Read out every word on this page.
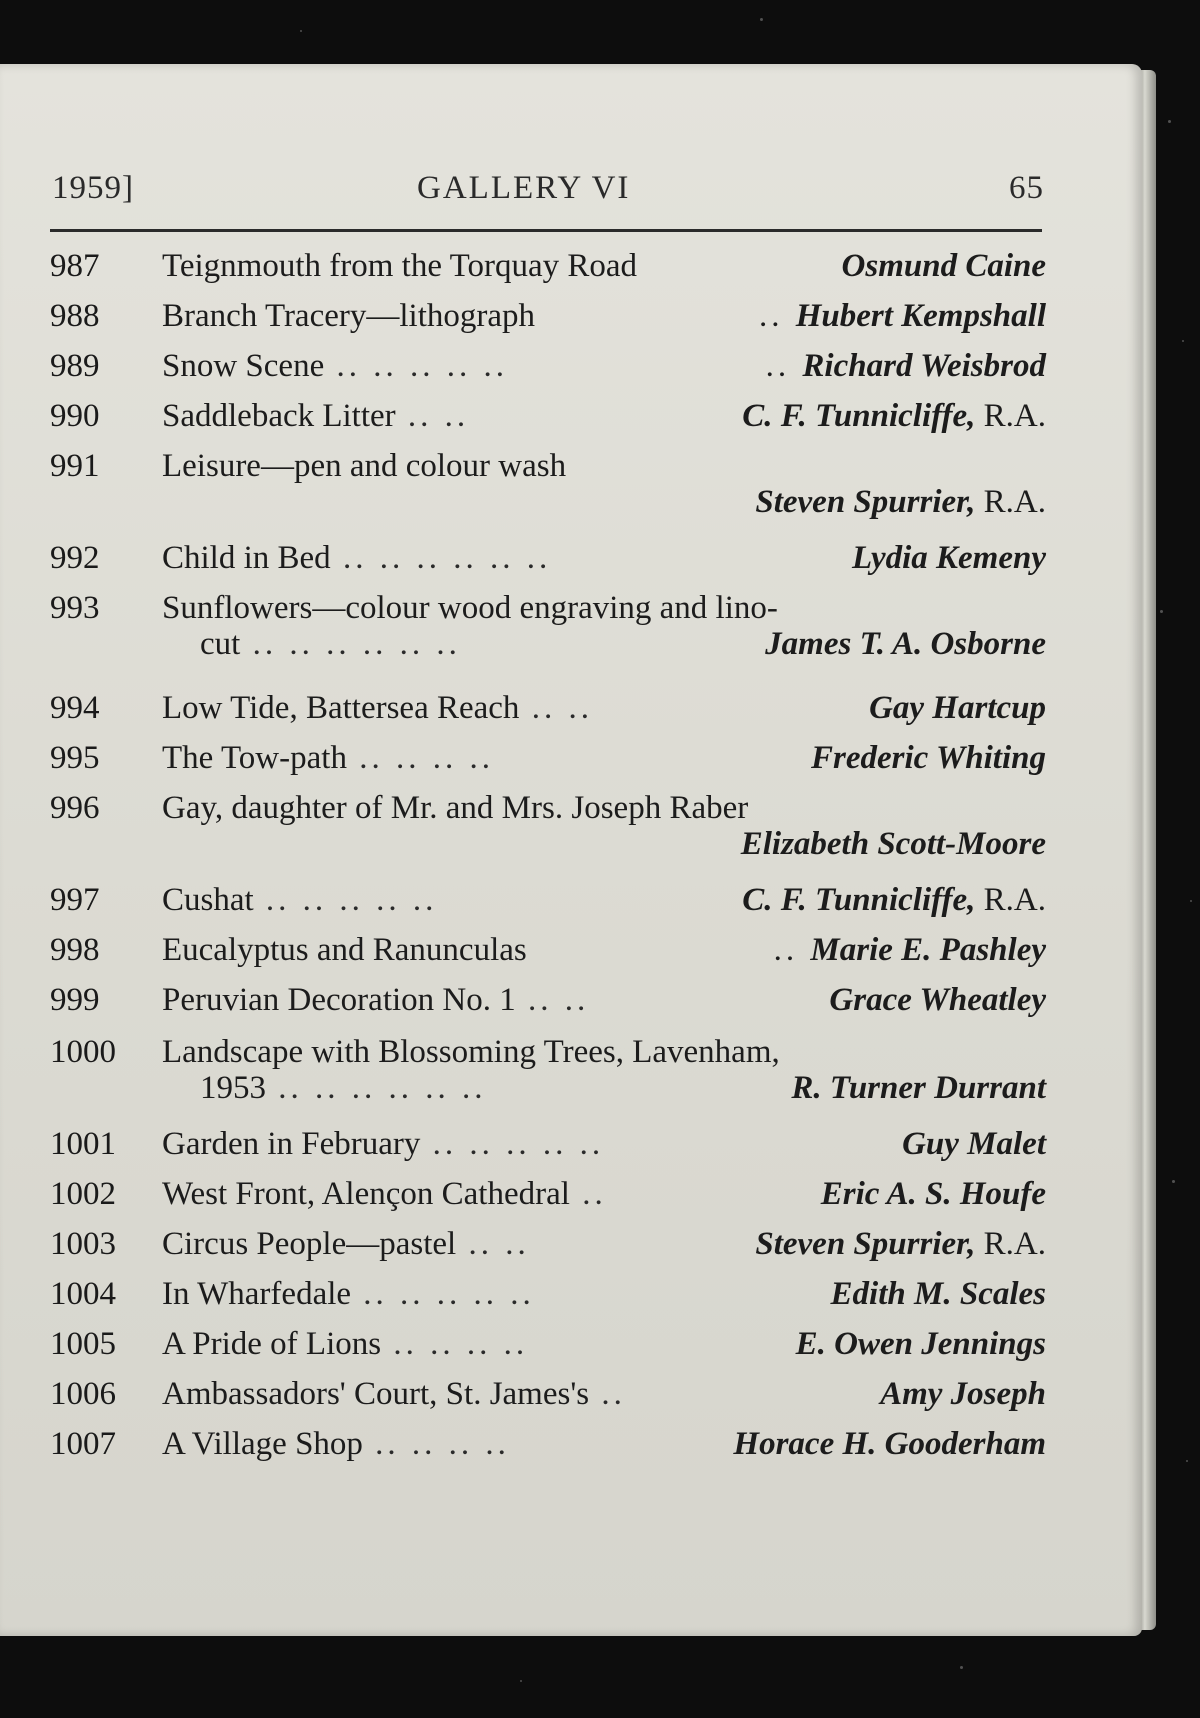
1959]	GALLERY VI	65
987	Teignmouth from the Torquay Road	Osmund Caine
988	Branch Tracery—lithograph	.. Hubert Kempshall
989	Snow Scene .. .. .. .. ..	.. Richard Weisbrod
990	Saddleback Litter .. ..	C. F. Tunnicliffe, R.A.
991	Leisure—pen and colour wash
Steven Spurrier, R.A.
992	Child in Bed .. .. .. .. .. ..	Lydia Kemeny
993	Sunflowers—colour wood engraving and lino-
cut .. .. .. .. .. ..	James T. A. Osborne
994	Low Tide, Battersea Reach .. ..	Gay Hartcup
995	The Tow-path .. .. .. ..	Frederic Whiting
996	Gay, daughter of Mr. and Mrs. Joseph Raber
Elizabeth Scott-Moore
997	Cushat .. .. .. .. ..	C. F. Tunnicliffe, R.A.
998	Eucalyptus and Ranunculas	.. Marie E. Pashley
999	Peruvian Decoration No. 1 .. ..	Grace Wheatley
1000	Landscape with Blossoming Trees, Lavenham,
1953 .. .. .. .. .. ..	R. Turner Durrant
1001	Garden in February .. .. .. .. ..	Guy Malet
1002	West Front, Alençon Cathedral ..	Eric A. S. Houfe
1003	Circus People—pastel .. ..	Steven Spurrier, R.A.
1004	In Wharfedale .. .. .. .. ..	Edith M. Scales
1005	A Pride of Lions .. .. .. ..	E. Owen Jennings
1006	Ambassadors' Court, St. James's ..	Amy Joseph
1007	A Village Shop .. .. .. ..	Horace H. Gooderham
